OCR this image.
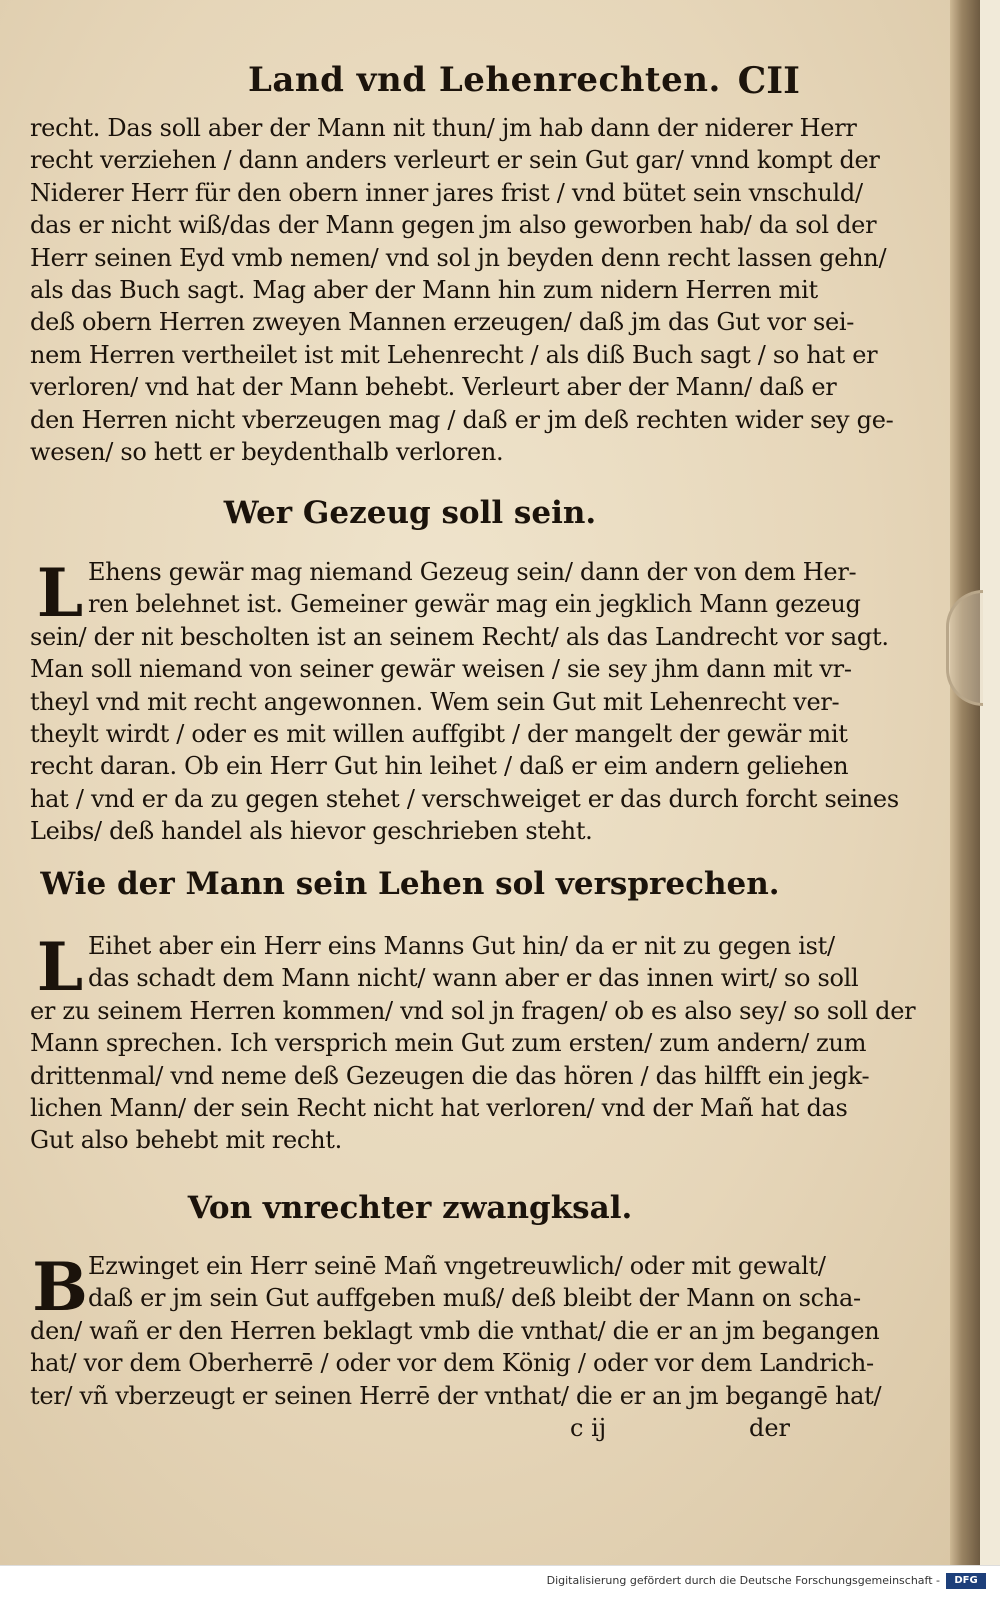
Land vnd Lehenrechten. CII
recht. Das soll aber der Mann nit thun/ jm hab dann der niderer Herr
recht verziehen / dann anders verleurt er sein Gut gar/ vnnd kompt der
Niderer Herr für den obern inner jares frist / vnd bütet sein vnschuld/
das er nicht wiß/das der Mann gegen jm also geworben hab/ da sol der
Herr seinen Eyd vmb nemen/ vnd sol jn beyden denn recht lassen gehn/
als das Buch sagt. Mag aber der Mann hin zum nidern Herren mit
deß obern Herren zweyen Mannen erzeugen/ daß jm das Gut vor sei-
nem Herren vertheilet ist mit Lehenrecht / als diß Buch sagt / so hat er
verloren/ vnd hat der Mann behebt. Verleurt aber der Mann/ daß er
den Herren nicht vberzeugen mag / daß er jm deß rechten wider sey ge-
wesen/ so hett er beydenthalb verloren.
Wer Gezeug soll sein.
L Ehens gewär mag niemand Gezeug sein/ dann der von dem Her-
ren belehnet ist. Gemeiner gewär mag ein jegklich Mann gezeug
sein/ der nit bescholten ist an seinem Recht/ als das Landrecht vor sagt.
Man soll niemand von seiner gewär weisen / sie sey jhm dann mit vr-
theyl vnd mit recht angewonnen. Wem sein Gut mit Lehenrecht ver-
theylt wirdt / oder es mit willen auffgibt / der mangelt der gewär mit
recht daran. Ob ein Herr Gut hin leihet / daß er eim andern geliehen
hat / vnd er da zu gegen stehet / verschweiget er das durch forcht seines
Leibs/ deß handel als hievor geschrieben steht.
Wie der Mann sein Lehen sol versprechen.
L Eihet aber ein Herr eins Manns Gut hin/ da er nit zu gegen ist/
das schadt dem Mann nicht/ wann aber er das innen wirt/ so soll
er zu seinem Herren kommen/ vnd sol jn fragen/ ob es also sey/ so soll der
Mann sprechen. Ich versprich mein Gut zum ersten/ zum andern/ zum
drittenmal/ vnd neme deß Gezeugen die das hören / das hilfft ein jegk-
lichen Mann/ der sein Recht nicht hat verloren/ vnd der Mañ hat das
Gut also behebt mit recht.
Von vnrechter zwangksal.
B Ezwinget ein Herr seinē Mañ vngetreuwlich/ oder mit gewalt/
daß er jm sein Gut auffgeben muß/ deß bleibt der Mann on scha-
den/ wañ er den Herren beklagt vmb die vnthat/ die er an jm begangen
hat/ vor dem Oberherrē / oder vor dem König / oder vor dem Landrich-
ter/ vñ vberzeugt er seinen Herrē der vnthat/ die er an jm begangē hat/
c ij	der
Digitalisierung gefördert durch die Deutsche Forschungsgemeinschaft -	DFG
